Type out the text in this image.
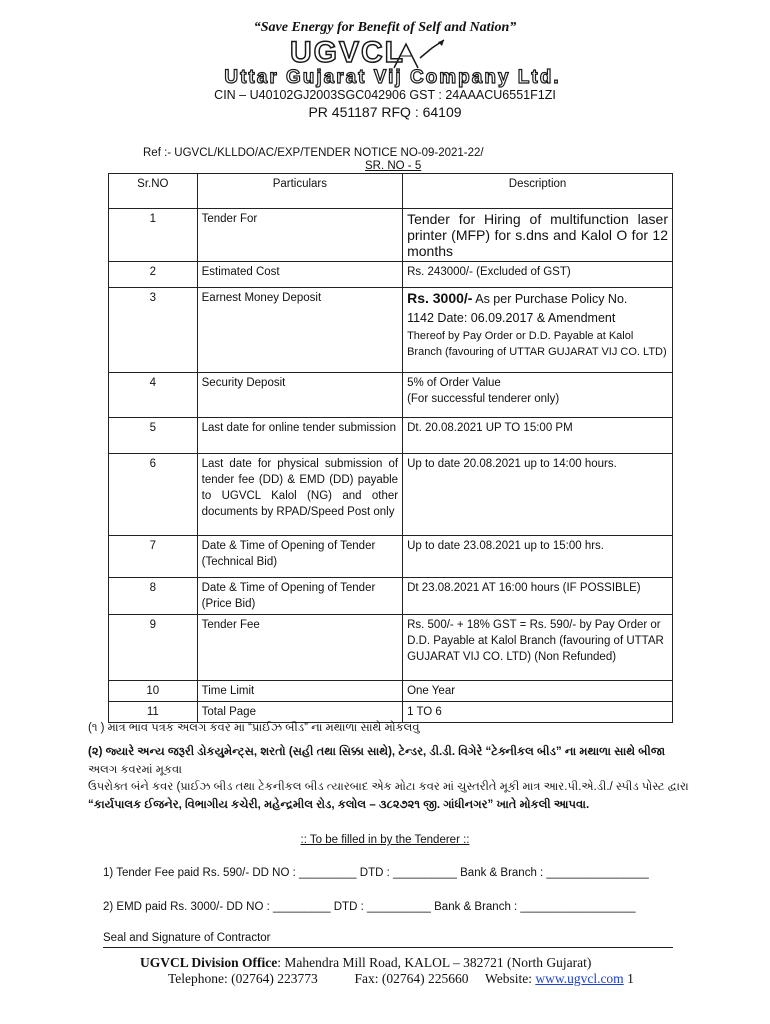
“Save Energy for Benefit of Self and Nation”
UGVCL
Uttar Gujarat Vij Company Ltd.
CIN – U40102GJ2003SGC042906 GST : 24AAACU6551F1ZI
PR 451187 RFQ : 64109
Ref :- UGVCL/KLLDO/AC/EXP/TENDER NOTICE NO-09-2021-22/
SR. NO - 5
Sr.NO	Particulars	Description
1	Tender For	Tender for Hiring of multifunction laser printer (MFP) for s.dns and Kalol O for 12 months
2	Estimated Cost	Rs. 243000/- (Excluded of GST)
3	Earnest Money Deposit	Rs. 3000/- As per Purchase Policy No.
1142 Date: 06.09.2017 & Amendment
Thereof by Pay Order or D.D. Payable at Kalol Branch (favouring of UTTAR GUJARAT VIJ CO. LTD)
4	Security Deposit	5% of Order Value
(For successful tenderer only)
5	Last date for online tender submission	Dt. 20.08.2021 UP TO 15:00 PM
6	Last date for physical submission of tender fee (DD) & EMD (DD) payable to UGVCL Kalol (NG) and other documents by RPAD/Speed Post only	Up to date 20.08.2021 up to 14:00 hours.
7	Date & Time of Opening of Tender (Technical Bid)	Up to date 23.08.2021 up to 15:00 hrs.
8	Date & Time of Opening of Tender (Price Bid)	Dt 23.08.2021 AT 16:00 hours (IF POSSIBLE)
9	Tender Fee	Rs. 500/- + 18% GST = Rs. 590/- by Pay Order or D.D. Payable at Kalol Branch (favouring of UTTAR GUJARAT VIJ CO. LTD) (Non Refunded)
10	Time Limit	One Year
11	Total Page	1 TO 6
(૧ ) માત્ર ભાવ પત્રક અલગ કવર માં “પ્રાઈઝ બીડ” ના મથાળા સાથે મોકલવું
(૨) જ્યારે અન્ય જરૂરી ડોકયુમેન્ટ્સ, શરતો (સહી તથા સિક્કા સાથે), ટેન્ડર, ડી.ડી. વિગેરે “ટેક્નીકલ બીડ” ના મથાળા સાથે બીજા
અલગ કવરમાં મૂકવા
ઉપરોક્ત બંને કવર (પ્રાઈઝ બીડ તથા ટેકનીકલ બીડ ત્યારબાદ એક મોટા કવર માં ચુસ્તરીતે મૂકી માત્ર આર.પી.એ.ડી./ સ્પીડ પોસ્ટ દ્વારા
“કાર્યપાલક ઈજનેર, વિભાગીય કચેરી, મહેન્દ્રમીલ રોડ, કલોલ – ૩૮૨૭૨૧ જી. ગાંધીનગર” ખાતે મોકલી આપવા.
:: To be filled in by the Tenderer ::
1) Tender Fee paid Rs. 590/- DD NO : _________ DTD : __________ Bank & Branch : ________________
2) EMD paid Rs. 3000/- DD NO : _________ DTD : __________ Bank & Branch : __________________
Seal and Signature of Contractor
UGVCL Division Office: Mahendra Mill Road, KALOL – 382721 (North Gujarat)
Telephone: (02764) 223773	Fax: (02764) 225660 Website: www.ugvcl.com 1
